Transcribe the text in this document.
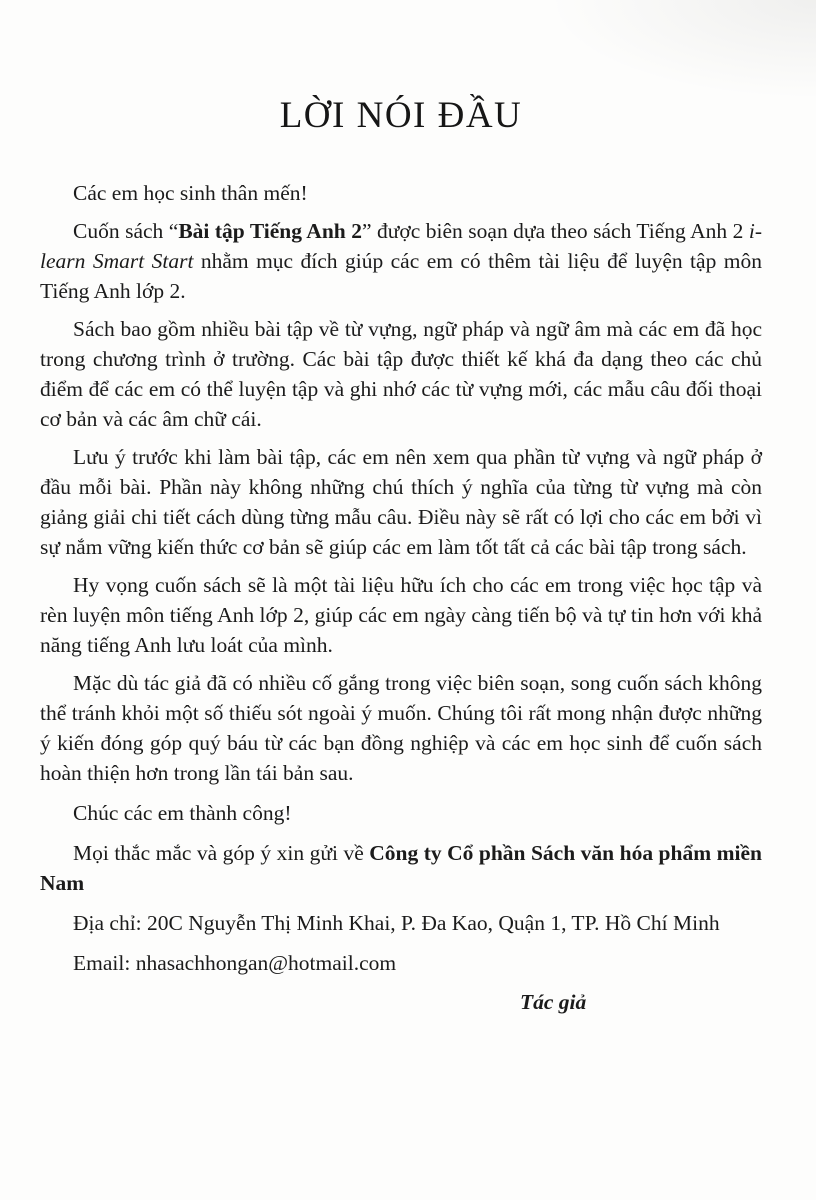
LỜI NÓI ĐẦU

Các em học sinh thân mến!

Cuốn sách “Bài tập Tiếng Anh 2” được biên soạn dựa theo sách Tiếng Anh 2 i-learn Smart Start nhằm mục đích giúp các em có thêm tài liệu để luyện tập môn Tiếng Anh lớp 2.

Sách bao gồm nhiều bài tập về từ vựng, ngữ pháp và ngữ âm mà các em đã học trong chương trình ở trường. Các bài tập được thiết kế khá đa dạng theo các chủ điểm để các em có thể luyện tập và ghi nhớ các từ vựng mới, các mẫu câu đối thoại cơ bản và các âm chữ cái.

Lưu ý trước khi làm bài tập, các em nên xem qua phần từ vựng và ngữ pháp ở đầu mỗi bài. Phần này không những chú thích ý nghĩa của từng từ vựng mà còn giảng giải chi tiết cách dùng từng mẫu câu. Điều này sẽ rất có lợi cho các em bởi vì sự nắm vững kiến thức cơ bản sẽ giúp các em làm tốt tất cả các bài tập trong sách.

Hy vọng cuốn sách sẽ là một tài liệu hữu ích cho các em trong việc học tập và rèn luyện môn tiếng Anh lớp 2, giúp các em ngày càng tiến bộ và tự tin hơn với khả năng tiếng Anh lưu loát của mình.

Mặc dù tác giả đã có nhiều cố gắng trong việc biên soạn, song cuốn sách không thể tránh khỏi một số thiếu sót ngoài ý muốn. Chúng tôi rất mong nhận được những ý kiến đóng góp quý báu từ các bạn đồng nghiệp và các em học sinh để cuốn sách hoàn thiện hơn trong lần tái bản sau.

Chúc các em thành công!

Mọi thắc mắc và góp ý xin gửi về Công ty Cổ phần Sách văn hóa phẩm miền Nam

Địa chỉ: 20C Nguyễn Thị Minh Khai, P. Đa Kao, Quận 1, TP. Hồ Chí Minh

Email: nhasachhongan@hotmail.com

Tác giả
